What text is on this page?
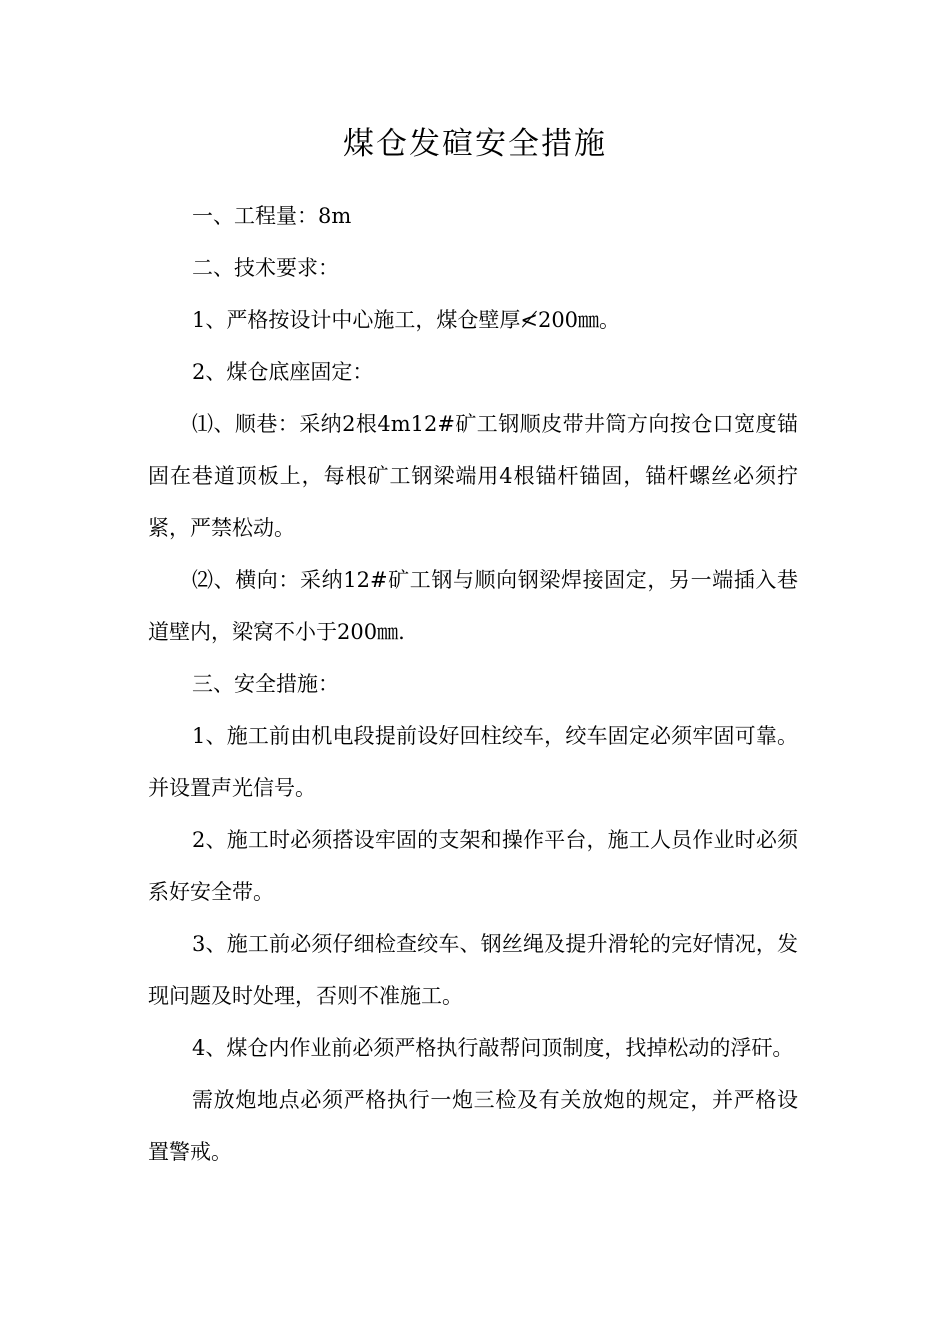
煤仓发碹安全措施

一、工程量：8m

二、技术要求：

1、严格按设计中心施工，煤仓壁厚≮200㎜。

2、煤仓底座固定：

⑴、顺巷：采纳2根4m12#矿工钢顺皮带井筒方向按仓口宽度锚固在巷道顶板上，每根矿工钢梁端用4根锚杆锚固，锚杆螺丝必须拧紧，严禁松动。

⑵、横向：采纳12#矿工钢与顺向钢梁焊接固定，另一端插入巷道壁内，梁窝不小于200㎜.

三、安全措施：

1、施工前由机电段提前设好回柱绞车，绞车固定必须牢固可靠。并设置声光信号。

2、施工时必须搭设牢固的支架和操作平台，施工人员作业时必须系好安全带。

3、施工前必须仔细检查绞车、钢丝绳及提升滑轮的完好情况，发现问题及时处理，否则不准施工。

4、煤仓内作业前必须严格执行敲帮问顶制度，找掉松动的浮矸。

需放炮地点必须严格执行一炮三检及有关放炮的规定，并严格设置警戒。
